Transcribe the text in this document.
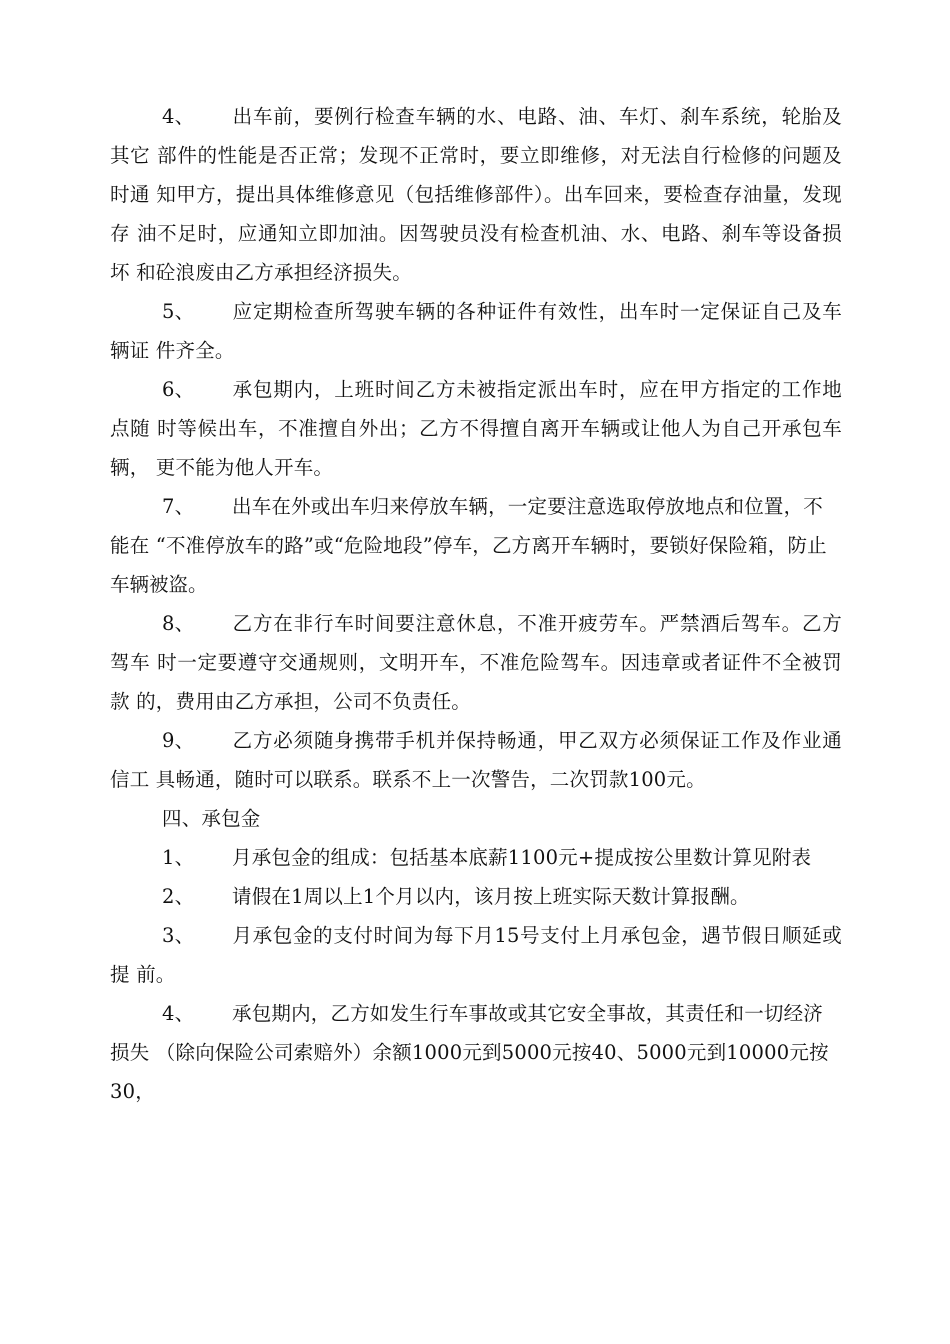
4、 出车前，要例行检查车辆的水、电路、油、车灯、刹车系统，轮胎及其它 部件的性能是否正常；发现不正常时，要立即维修，对无法自行检修的问题及时通 知甲方，提出具体维修意见（包括维修部件）。出车回来，要检查存油量，发现存 油不足时，应通知立即加油。因驾驶员没有检查机油、水、电路、刹车等设备损坏 和砼浪废由乙方承担经济损失。

5、 应定期检查所驾驶车辆的各种证件有效性，出车时一定保证自己及车辆证 件齐全。

6、 承包期内，上班时间乙方未被指定派出车时，应在甲方指定的工作地点随 时等候出车，不准擅自外出；乙方不得擅自离开车辆或让他人为自己开承包车辆， 更不能为他人开车。

7、 出车在外或出车归来停放车辆，一定要注意选取停放地点和位置，不能在 “不准停放车的路”或“危险地段”停车，乙方离开车辆时，要锁好保险箱，防止

车辆被盗。

8、 乙方在非行车时间要注意休息，不准开疲劳车。严禁酒后驾车。乙方驾车 时一定要遵守交通规则，文明开车，不准危险驾车。因违章或者证件不全被罚款 的，费用由乙方承担，公司不负责任。

9、 乙方必须随身携带手机并保持畅通，甲乙双方必须保证工作及作业通信工 具畅通，随时可以联系。联系不上一次警告，二次罚款100元。

四、承包金

1、 月承包金的组成：包括基本底薪1100元+提成按公里数计算见附表

2、 请假在1周以上1个月以内，该月按上班实际天数计算报酬。

3、 月承包金的支付时间为每下月15号支付上月承包金，遇节假日顺延或提 前。

4、 承包期内，乙方如发生行车事故或其它安全事故，其责任和一切经济损失 （除向保险公司索赔外）余额1000元到5000元按40、5000元到10000元按30，
